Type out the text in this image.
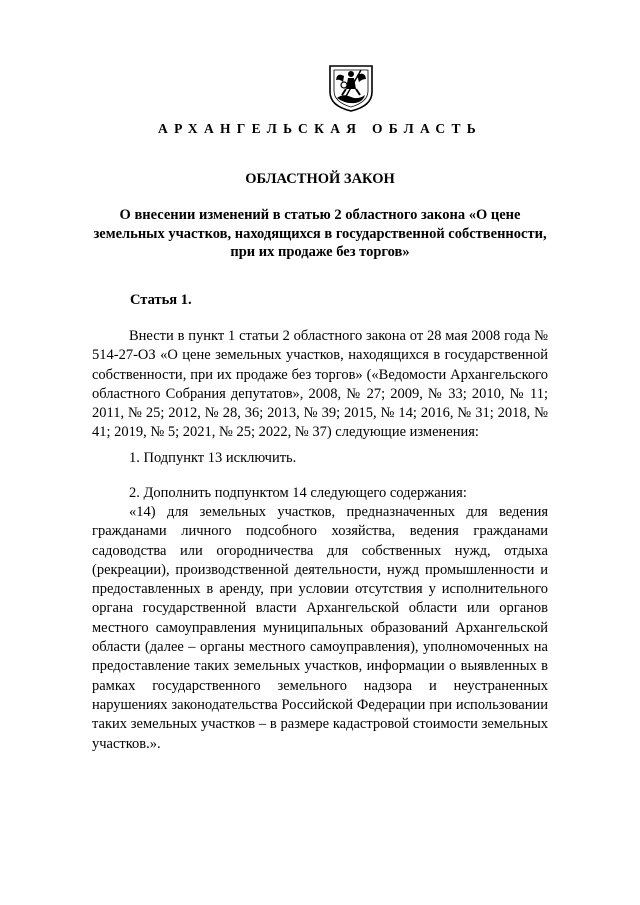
АРХАНГЕЛЬСКАЯ ОБЛАСТЬ
ОБЛАСТНОЙ ЗАКОН
О внесении изменений в статью 2 областного закона «О цене земельных участков, находящихся в государственной собственности, при их продаже без торгов»
Статья 1.

Внести в пункт 1 статьи 2 областного закона от 28 мая 2008 года № 514-27-ОЗ «О цене земельных участков, находящихся в государственной собственности, при их продаже без торгов» («Ведомости Архангельского областного Собрания депутатов», 2008, № 27; 2009, № 33; 2010, № 11; 2011, № 25; 2012, № 28, 36; 2013, № 39; 2015, № 14; 2016, № 31; 2018, № 41; 2019, № 5; 2021, № 25; 2022, № 37) следующие изменения:

1. Подпункт 13 исключить.

2. Дополнить подпунктом 14 следующего содержания:

«14) для земельных участков, предназначенных для ведения гражданами личного подсобного хозяйства, ведения гражданами садоводства или огородничества для собственных нужд, отдыха (рекреации), производственной деятельности, нужд промышленности и предоставленных в аренду, при условии отсутствия у исполнительного органа государственной власти Архангельской области или органов местного самоуправления муниципальных образований Архангельской области (далее – органы местного самоуправления), уполномоченных на предоставление таких земельных участков, информации о выявленных в рамках государственного земельного надзора и неустраненных нарушениях законодательства Российской Федерации при использовании таких земельных участков – в размере кадастровой стоимости земельных участков.».
